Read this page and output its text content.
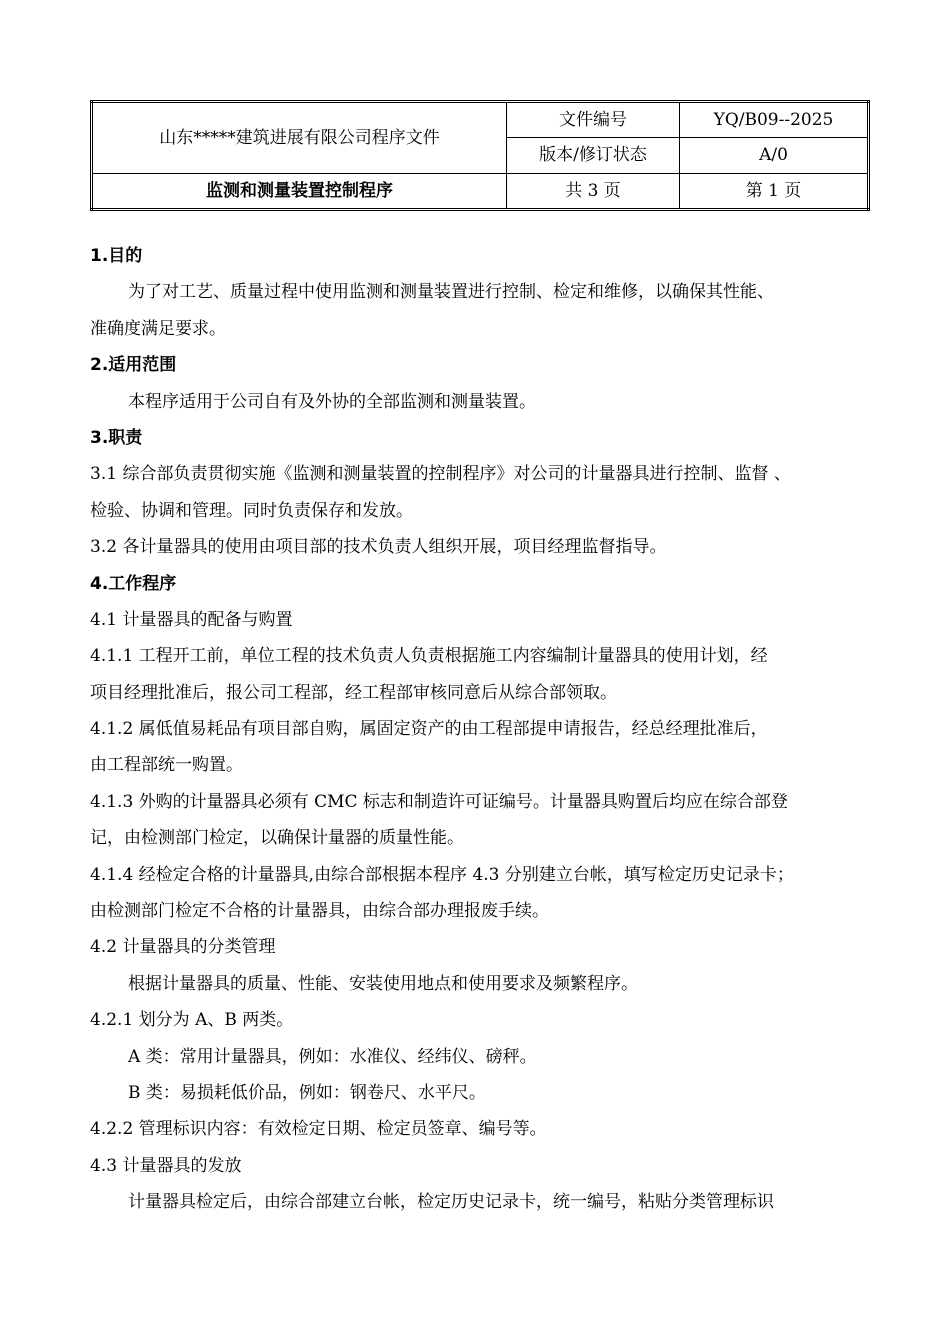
山东*****建筑进展有限公司程序文件	文件编号	YQ/B09--2025
	版本/修订状态	A/0
监测和测量装置控制程序	共 3 页	第 1 页
1.目的
为了对工艺、质量过程中使用监测和测量装置进行控制、检定和维修，以确保其性能、
准确度满足要求。
2.适用范围
本程序适用于公司自有及外协的全部监测和测量装置。
3.职责
3.1 综合部负责贯彻实施《监测和测量装置的控制程序》对公司的计量器具进行控制、监督 、
检验、协调和管理。同时负责保存和发放。
3.2 各计量器具的使用由项目部的技术负责人组织开展，项目经理监督指导。
4.工作程序
4.1 计量器具的配备与购置
4.1.1 工程开工前，单位工程的技术负责人负责根据施工内容编制计量器具的使用计划，经
项目经理批准后，报公司工程部，经工程部审核同意后从综合部领取。
4.1.2 属低值易耗品有项目部自购，属固定资产的由工程部提申请报告，经总经理批准后，
由工程部统一购置。
4.1.3 外购的计量器具必须有 CMC 标志和制造许可证编号。计量器具购置后均应在综合部登
记，由检测部门检定，以确保计量器的质量性能。
4.1.4 经检定合格的计量器具,由综合部根据本程序 4.3 分别建立台帐，填写检定历史记录卡；
由检测部门检定不合格的计量器具，由综合部办理报废手续。
4.2 计量器具的分类管理
根据计量器具的质量、性能、安装使用地点和使用要求及频繁程序。
4.2.1 划分为 A、B 两类。
A 类：常用计量器具，例如：水准仪、经纬仪、磅秤。
B 类：易损耗低价品，例如：钢卷尺、水平尺。
4.2.2 管理标识内容：有效检定日期、检定员签章、编号等。
4.3 计量器具的发放
计量器具检定后，由综合部建立台帐，检定历史记录卡，统一编号，粘贴分类管理标识
